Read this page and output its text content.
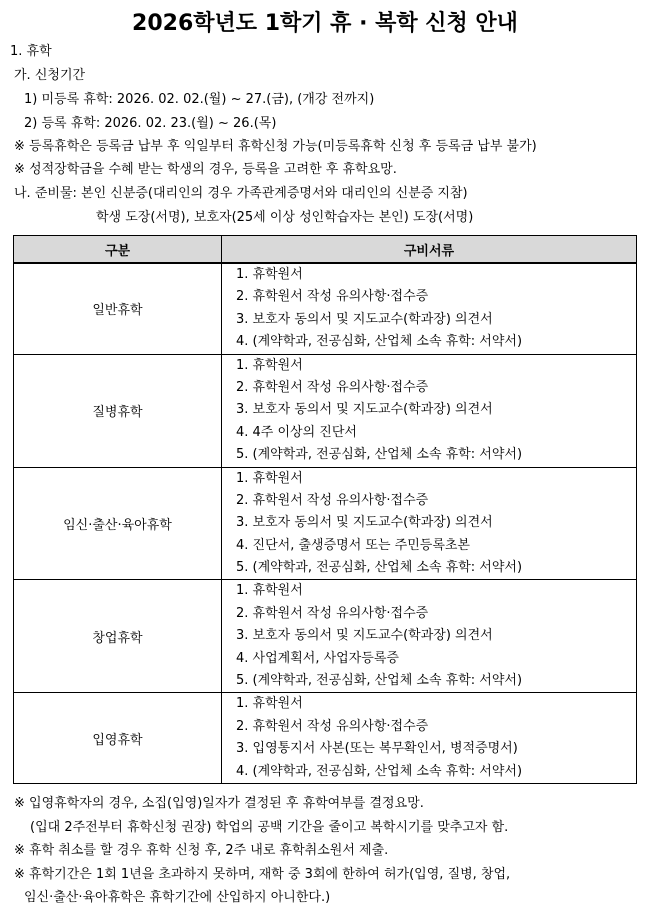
2026학년도 1학기 휴 · 복학 신청 안내
1. 휴학
가. 신청기간
1) 미등록 휴학: 2026. 02. 02.(월) ~ 27.(금), (개강 전까지)
2) 등록 휴학: 2026. 02. 23.(월) ~ 26.(목)
※ 등록휴학은 등록금 납부 후 익일부터 휴학신청 가능(미등록휴학 신청 후 등록금 납부 불가)
※ 성적장학금을 수혜 받는 학생의 경우, 등록을 고려한 후 휴학요망.
나. 준비물: 본인 신분증(대리인의 경우 가족관계증명서와 대리인의 신분증 지참)
학생 도장(서명), 보호자(25세 이상 성인학습자는 본인) 도장(서명)
구분	구비서류
일반휴학	1. 휴학원서
2. 휴학원서 작성 유의사항·접수증
3. 보호자 동의서 및 지도교수(학과장) 의견서
4. (계약학과, 전공심화, 산업체 소속 휴학: 서약서)

질병휴학	1. 휴학원서
2. 휴학원서 작성 유의사항·접수증
3. 보호자 동의서 및 지도교수(학과장) 의견서
4. 4주 이상의 진단서
5. (계약학과, 전공심화, 산업체 소속 휴학: 서약서)

임신·출산·육아휴학	1. 휴학원서
2. 휴학원서 작성 유의사항·접수증
3. 보호자 동의서 및 지도교수(학과장) 의견서
4. 진단서, 출생증명서 또는 주민등록초본
5. (계약학과, 전공심화, 산업체 소속 휴학: 서약서)

창업휴학	1. 휴학원서
2. 휴학원서 작성 유의사항·접수증
3. 보호자 동의서 및 지도교수(학과장) 의견서
4. 사업계획서, 사업자등록증
5. (계약학과, 전공심화, 산업체 소속 휴학: 서약서)

입영휴학	1. 휴학원서
2. 휴학원서 작성 유의사항·접수증
3. 입영통지서 사본(또는 복무확인서, 병적증명서)
4. (계약학과, 전공심화, 산업체 소속 휴학: 서약서)
※ 입영휴학자의 경우, 소집(입영)일자가 결정된 후 휴학여부를 결정요망.
(입대 2주전부터 휴학신청 권장) 학업의 공백 기간을 줄이고 복학시기를 맞추고자 함.
※ 휴학 취소를 할 경우 휴학 신청 후, 2주 내로 휴학취소원서 제출.
※ 휴학기간은 1회 1년을 초과하지 못하며, 재학 중 3회에 한하여 허가(입영, 질병, 창업,
임신·출산·육아휴학은 휴학기간에 산입하지 아니한다.)
